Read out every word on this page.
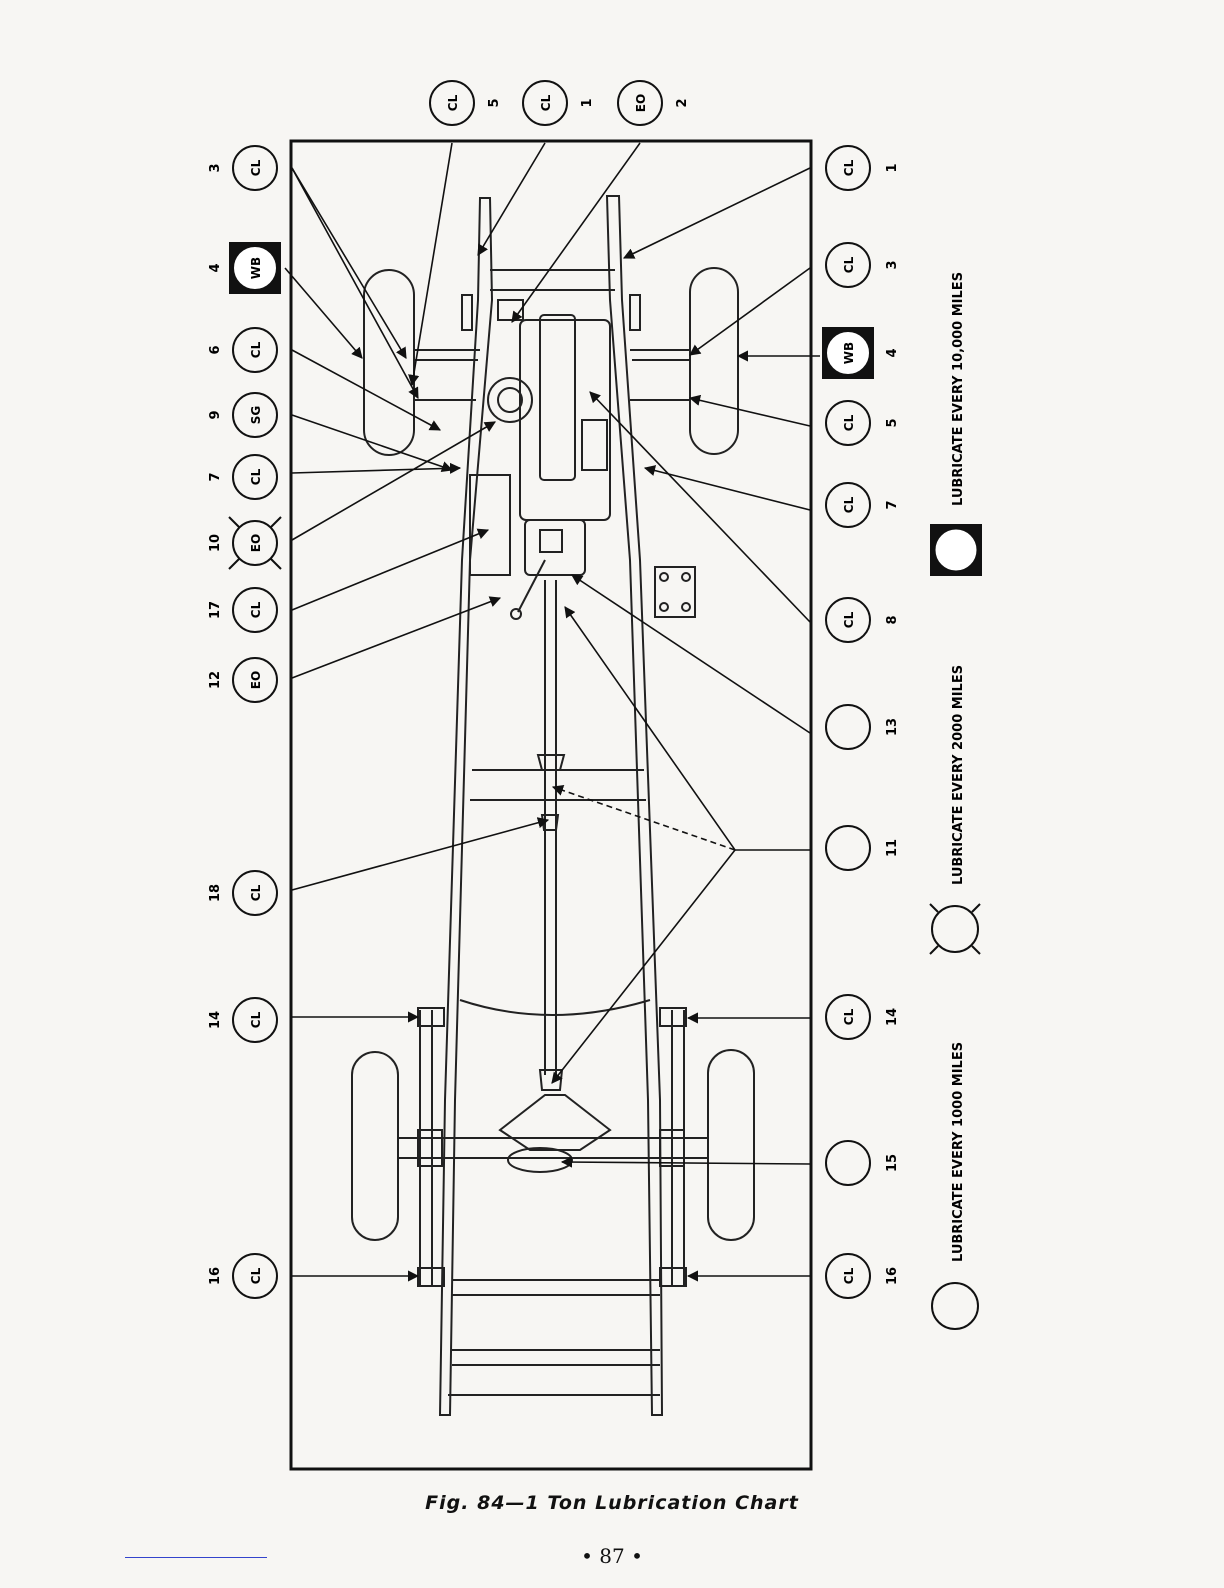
CL
3
WB
4
CL
6
SG
9
CL
7
EO
10
CL
17
EO
12
CL
18
CL
14
CL
16
CL 5	CL 1	EO 2
CL 1
CL 3
WB 4
CL 5
CL 7
CL 8
13
11
CL 14
15
CL 16
LUBRICATE EVERY 1000 MILES
LUBRICATE EVERY 2000 MILES
LUBRICATE EVERY 10,000 MILES
Fig. 84—1 Ton Lubrication Chart
• 87 •
